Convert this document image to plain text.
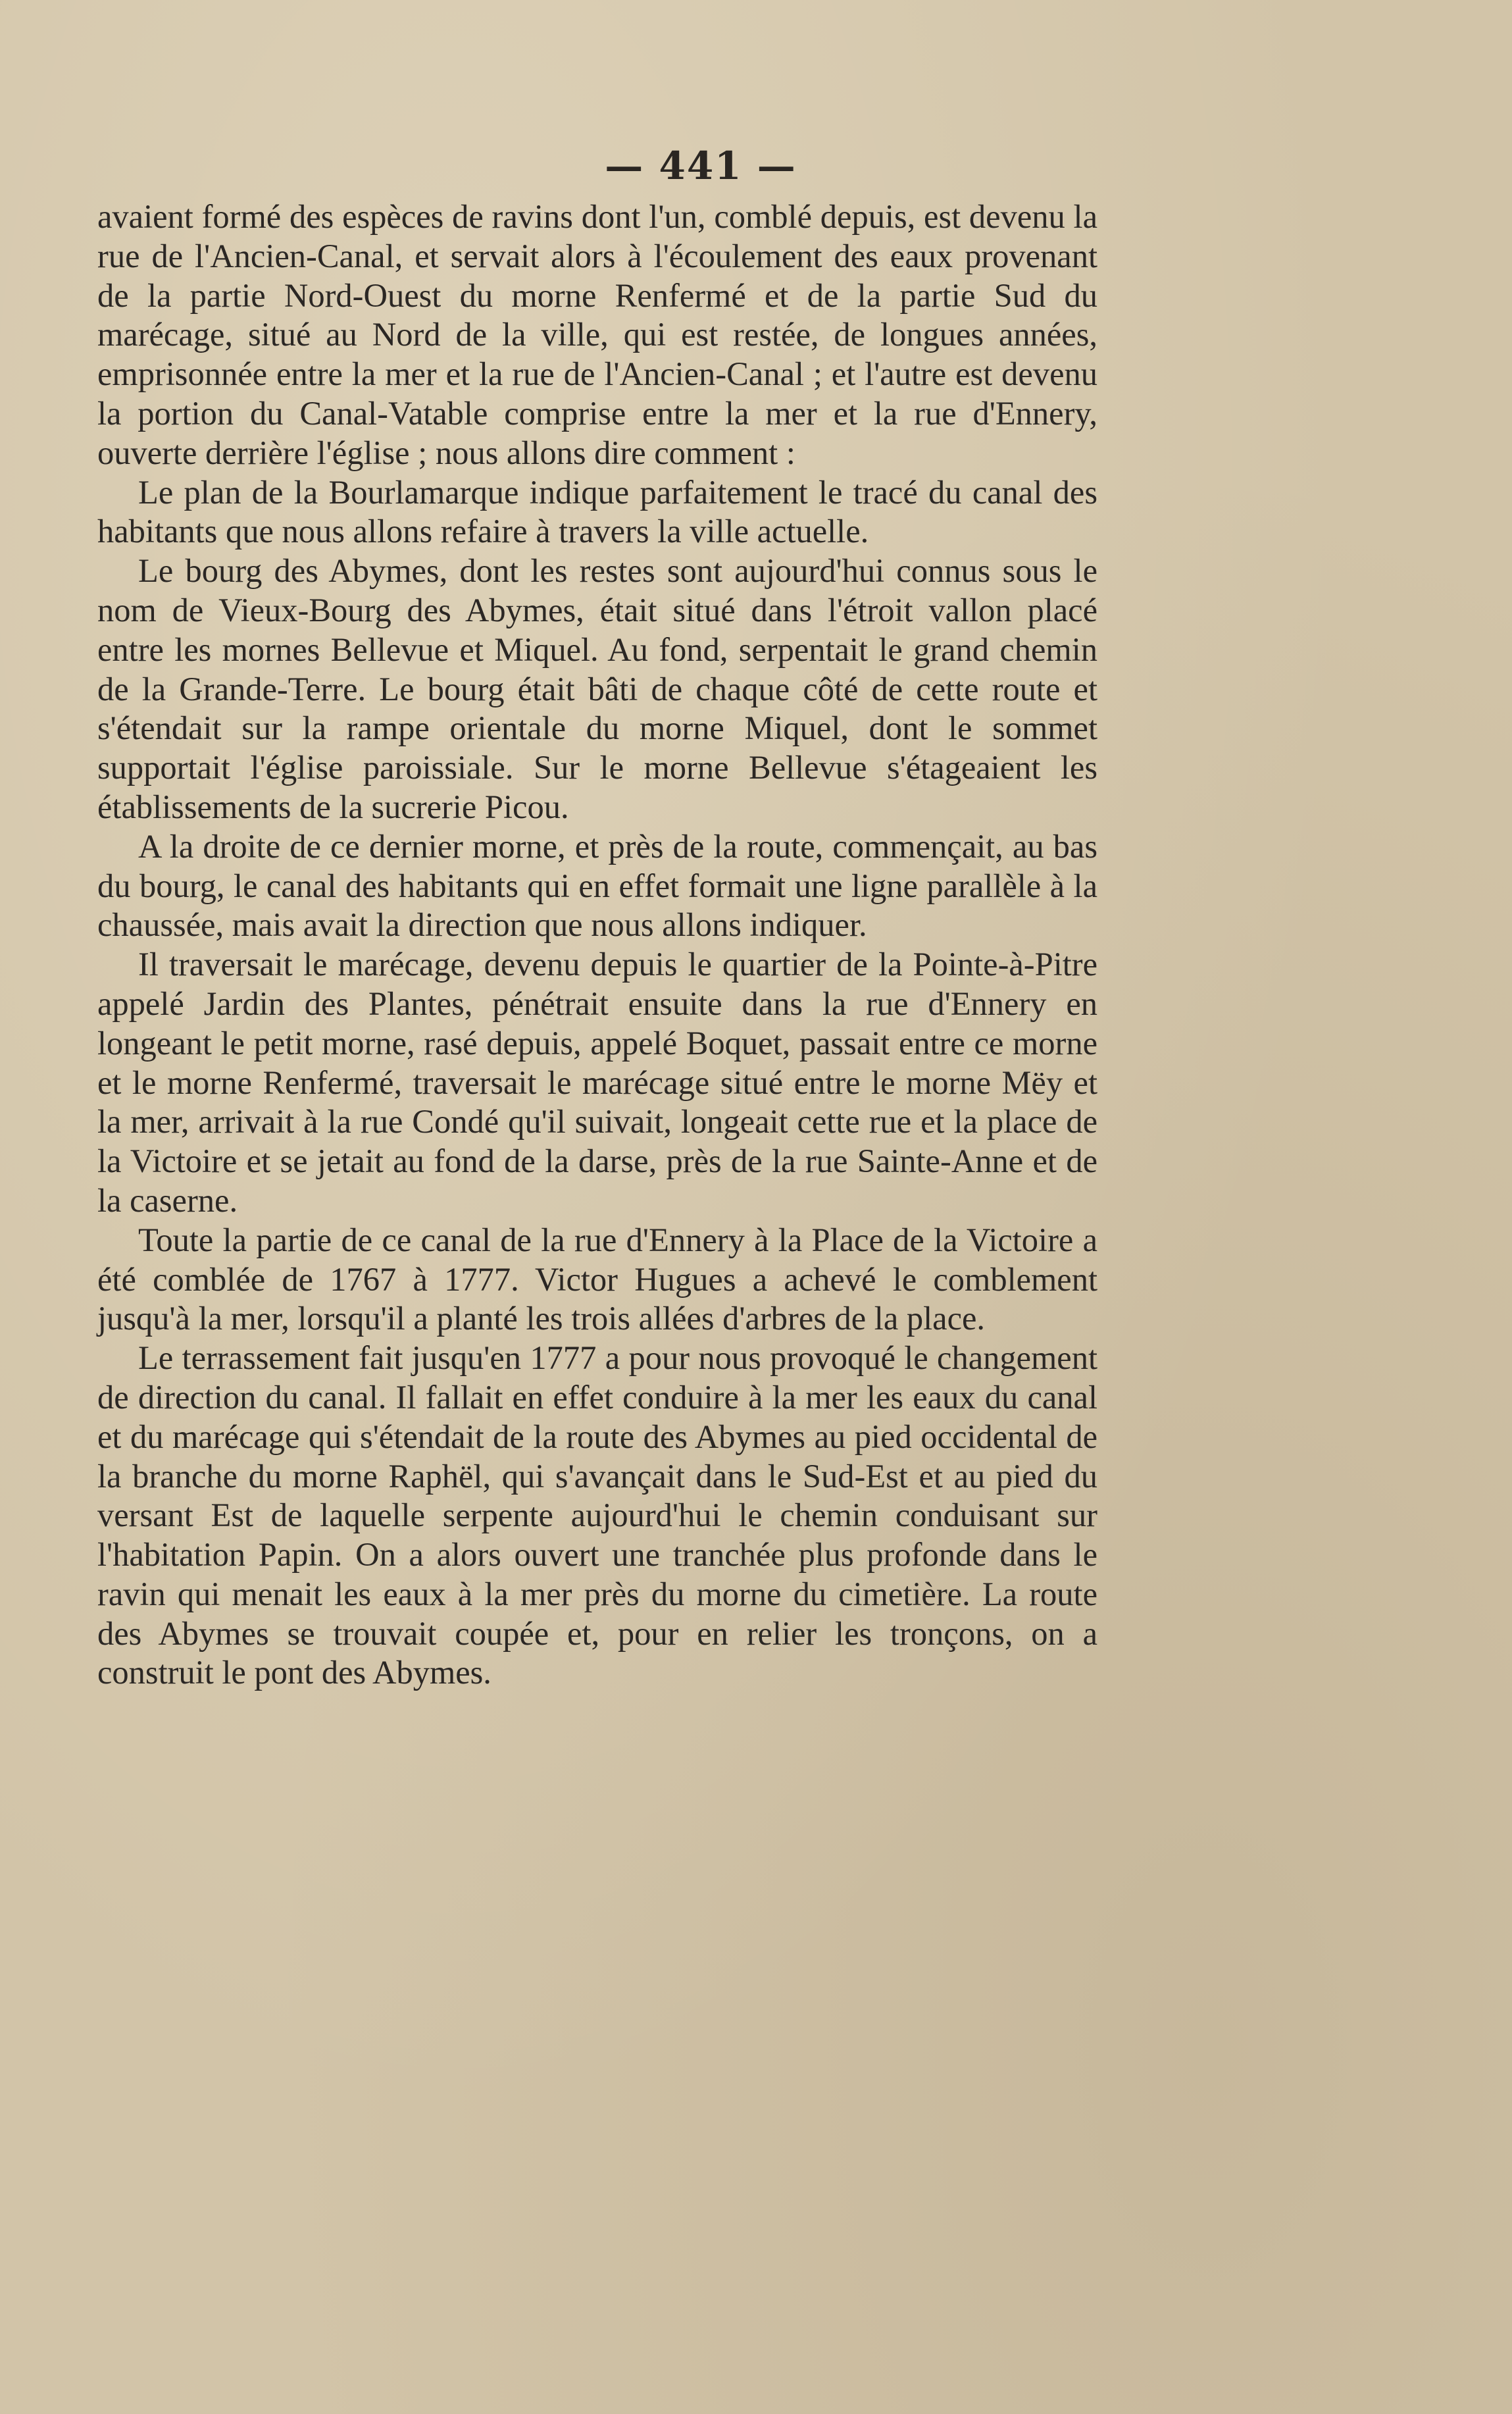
— 441 —

avaient formé des espèces de ravins dont l'un, comblé depuis, est devenu la rue de l'Ancien-Canal, et servait alors à l'écoulement des eaux provenant de la partie Nord-Ouest du morne Renfermé et de la partie Sud du marécage, situé au Nord de la ville, qui est restée, de longues années, emprisonnée entre la mer et la rue de l'Ancien-Canal ; et l'autre est devenu la portion du Canal-Vatable comprise entre la mer et la rue d'Ennery, ouverte derrière l'église ; nous allons dire comment :

Le plan de la Bourlamarque indique parfaitement le tracé du canal des habitants que nous allons refaire à travers la ville actuelle.

Le bourg des Abymes, dont les restes sont aujourd'hui connus sous le nom de Vieux-Bourg des Abymes, était situé dans l'étroit vallon placé entre les mornes Bellevue et Miquel. Au fond, serpentait le grand chemin de la Grande-Terre. Le bourg était bâti de chaque côté de cette route et s'étendait sur la rampe orientale du morne Miquel, dont le sommet supportait l'église paroissiale. Sur le morne Bellevue s'étageaient les établissements de la sucrerie Picou.

A la droite de ce dernier morne, et près de la route, commençait, au bas du bourg, le canal des habitants qui en effet formait une ligne parallèle à la chaussée, mais avait la direction que nous allons indiquer.

Il traversait le marécage, devenu depuis le quartier de la Pointe-à-Pitre appelé Jardin des Plantes, pénétrait ensuite dans la rue d'Ennery en longeant le petit morne, rasé depuis, appelé Boquet, passait entre ce morne et le morne Renfermé, traversait le marécage situé entre le morne Mëy et la mer, arrivait à la rue Condé qu'il suivait, longeait cette rue et la place de la Victoire et se jetait au fond de la darse, près de la rue Sainte-Anne et de la caserne.

Toute la partie de ce canal de la rue d'Ennery à la Place de la Victoire a été comblée de 1767 à 1777. Victor Hugues a achevé le comblement jusqu'à la mer, lorsqu'il a planté les trois allées d'arbres de la place.

Le terrassement fait jusqu'en 1777 a pour nous provoqué le changement de direction du canal. Il fallait en effet conduire à la mer les eaux du canal et du marécage qui s'étendait de la route des Abymes au pied occidental de la branche du morne Raphël, qui s'avançait dans le Sud-Est et au pied du versant Est de laquelle serpente aujourd'hui le chemin conduisant sur l'habitation Papin. On a alors ouvert une tranchée plus profonde dans le ravin qui menait les eaux à la mer près du morne du cimetière. La route des Abymes se trouvait coupée et, pour en relier les tronçons, on a construit le pont des Abymes.
